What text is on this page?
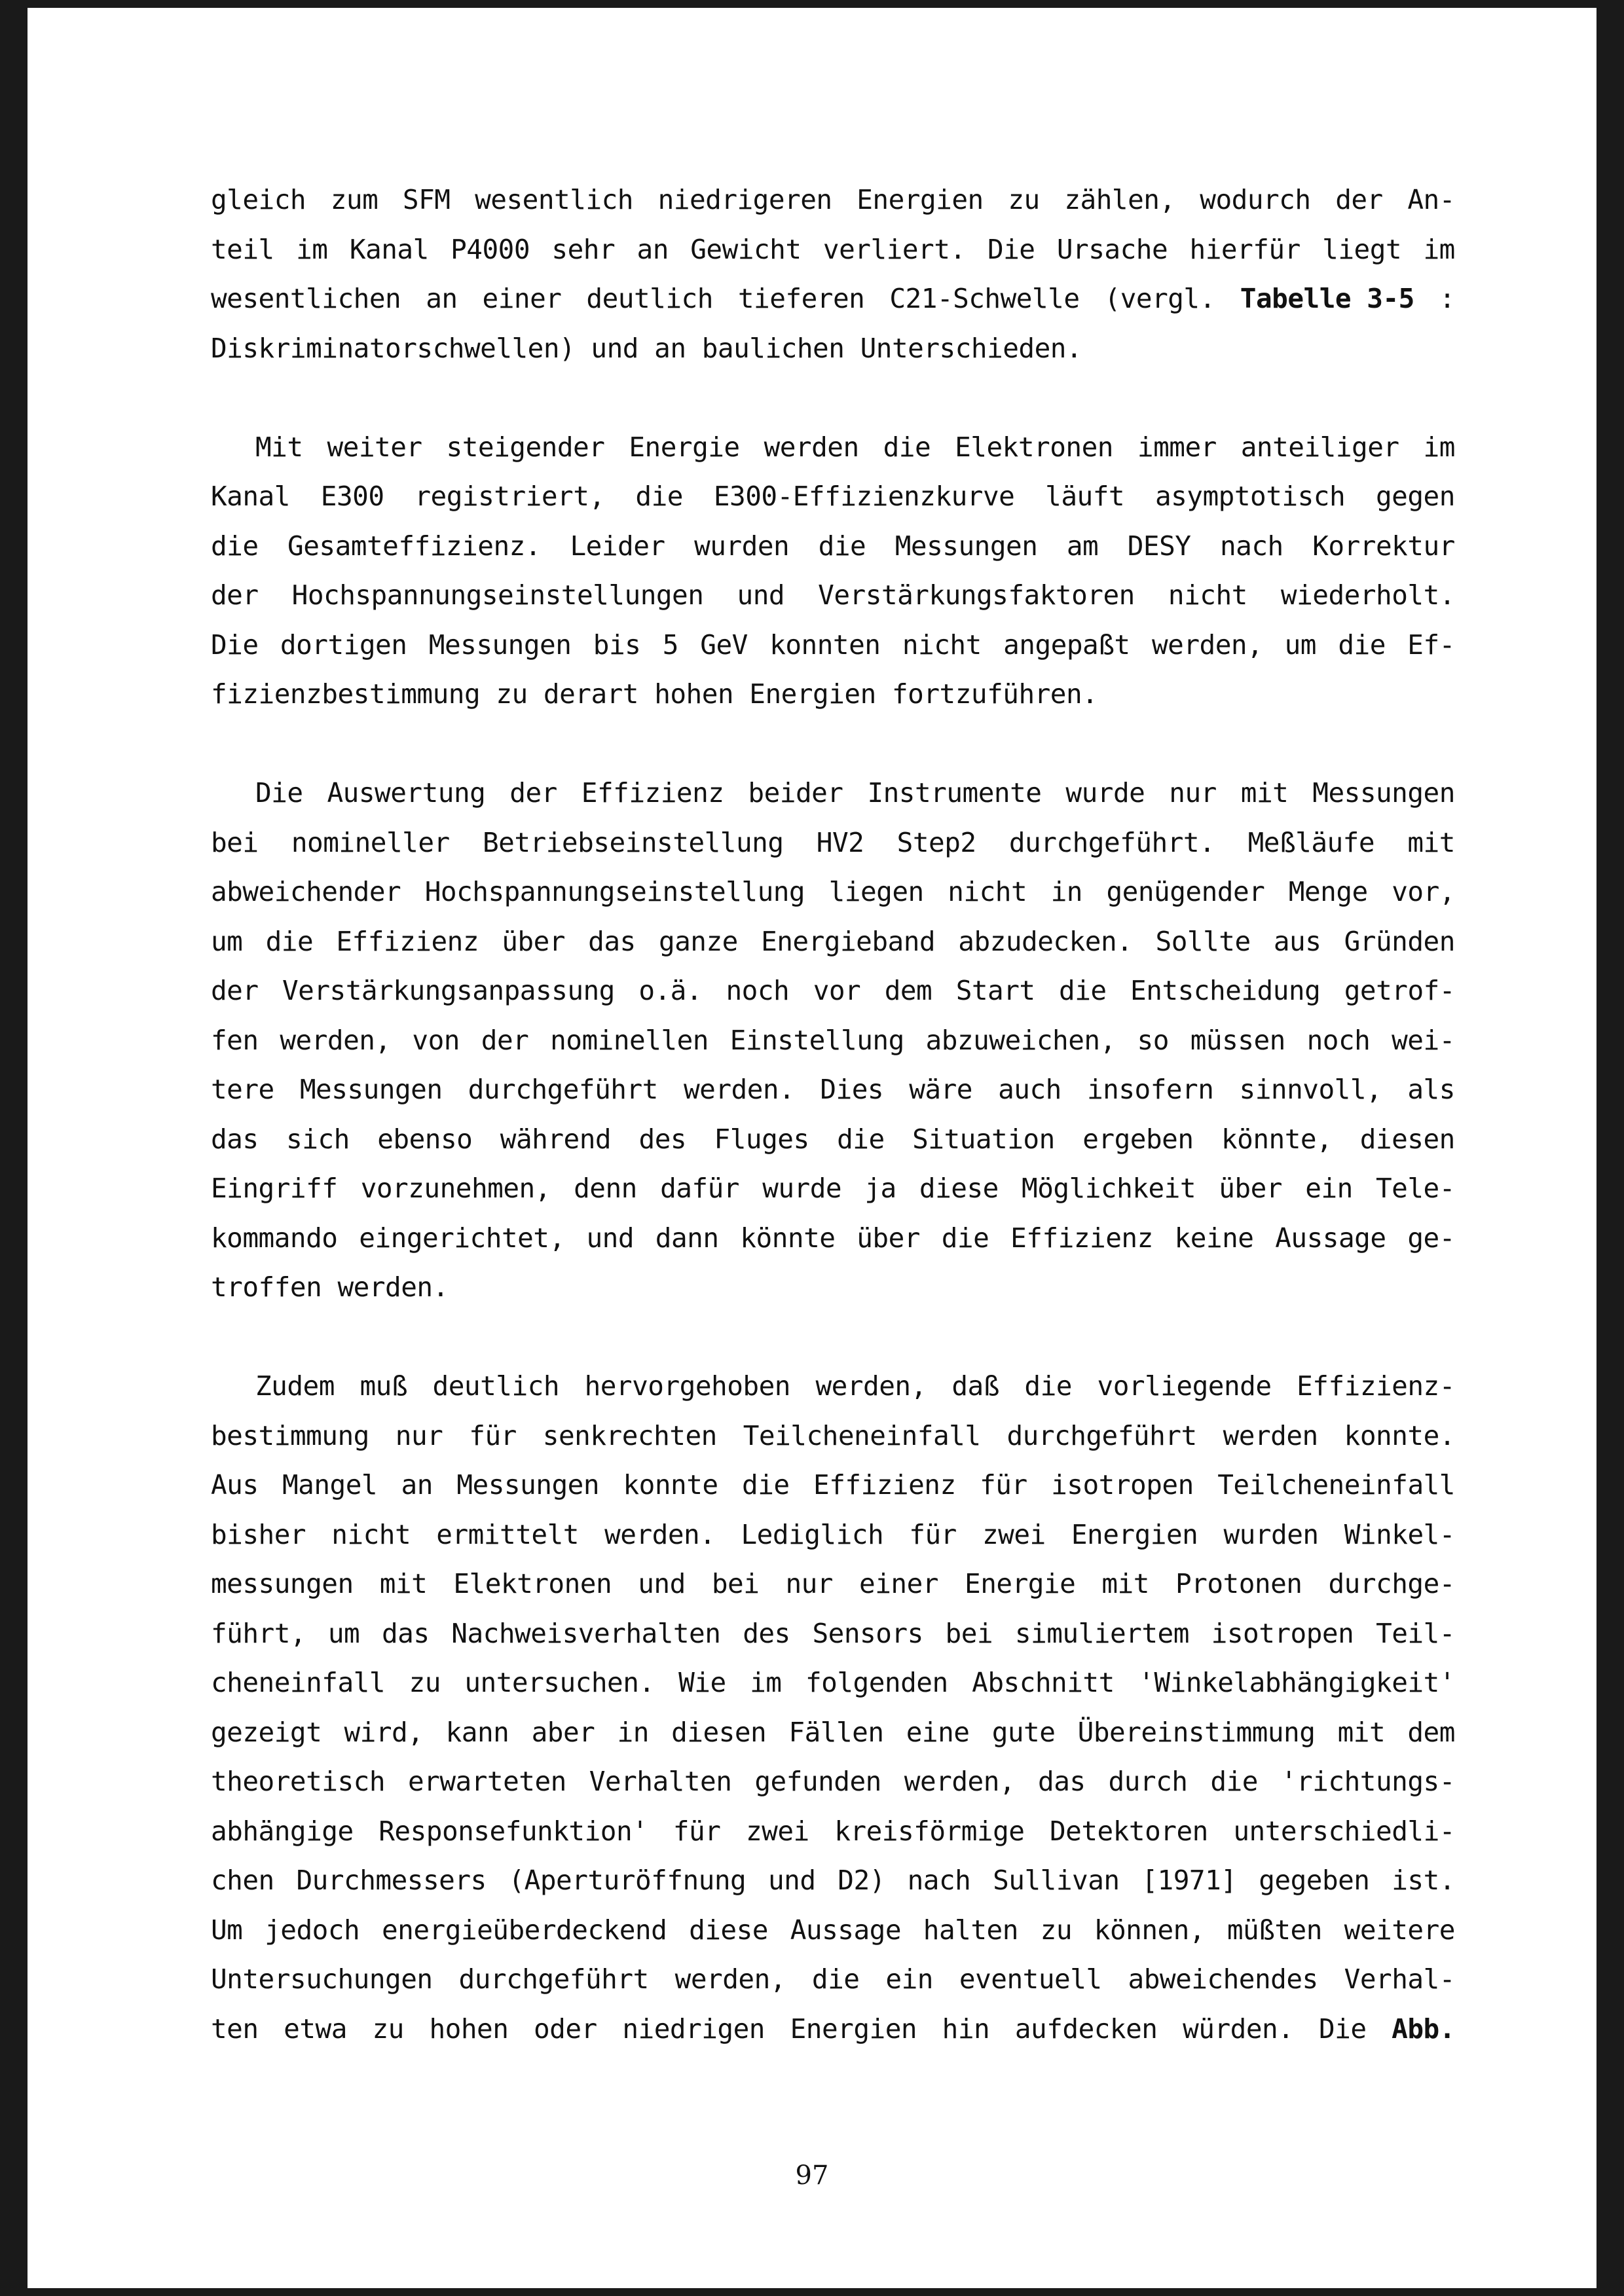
gleich zum SFM wesentlich niedrigeren Energien zu zählen, wodurch der An-
teil im Kanal P4000 sehr an Gewicht verliert. Die Ursache hierfür liegt im
wesentlichen an einer deutlich tieferen C21-Schwelle (vergl. Tabelle 3-5 :
Diskriminatorschwellen) und an baulichen Unterschieden.
Mit weiter steigender Energie werden die Elektronen immer anteiliger im
Kanal E300 registriert, die E300-Effizienzkurve läuft asymptotisch gegen
die Gesamteffizienz. Leider wurden die Messungen am DESY nach Korrektur
der Hochspannungseinstellungen und Verstärkungsfaktoren nicht wiederholt.
Die dortigen Messungen bis 5 GeV konnten nicht angepaßt werden, um die Ef-
fizienzbestimmung zu derart hohen Energien fortzuführen.
Die Auswertung der Effizienz beider Instrumente wurde nur mit Messungen
bei nomineller Betriebseinstellung HV2 Step2 durchgeführt. Meßläufe mit
abweichender Hochspannungseinstellung liegen nicht in genügender Menge vor,
um die Effizienz über das ganze Energieband abzudecken. Sollte aus Gründen
der Verstärkungsanpassung o.ä. noch vor dem Start die Entscheidung getrof-
fen werden, von der nominellen Einstellung abzuweichen, so müssen noch wei-
tere Messungen durchgeführt werden. Dies wäre auch insofern sinnvoll, als
das sich ebenso während des Fluges die Situation ergeben könnte, diesen
Eingriff vorzunehmen, denn dafür wurde ja diese Möglichkeit über ein Tele-
kommando eingerichtet, und dann könnte über die Effizienz keine Aussage ge-
troffen werden.
Zudem muß deutlich hervorgehoben werden, daß die vorliegende Effizienz-
bestimmung nur für senkrechten Teilcheneinfall durchgeführt werden konnte.
Aus Mangel an Messungen konnte die Effizienz für isotropen Teilcheneinfall
bisher nicht ermittelt werden. Lediglich für zwei Energien wurden Winkel-
messungen mit Elektronen und bei nur einer Energie mit Protonen durchge-
führt, um das Nachweisverhalten des Sensors bei simuliertem isotropen Teil-
cheneinfall zu untersuchen. Wie im folgenden Abschnitt 'Winkelabhängigkeit'
gezeigt wird, kann aber in diesen Fällen eine gute Übereinstimmung mit dem
theoretisch erwarteten Verhalten gefunden werden, das durch die 'richtungs-
abhängige Responsefunktion' für zwei kreisförmige Detektoren unterschiedli-
chen Durchmessers (Aperturöffnung und D2) nach Sullivan [1971] gegeben ist.
Um jedoch energieüberdeckend diese Aussage halten zu können, müßten weitere
Untersuchungen durchgeführt werden, die ein eventuell abweichendes Verhal-
ten etwa zu hohen oder niedrigen Energien hin aufdecken würden. Die Abb.
97
